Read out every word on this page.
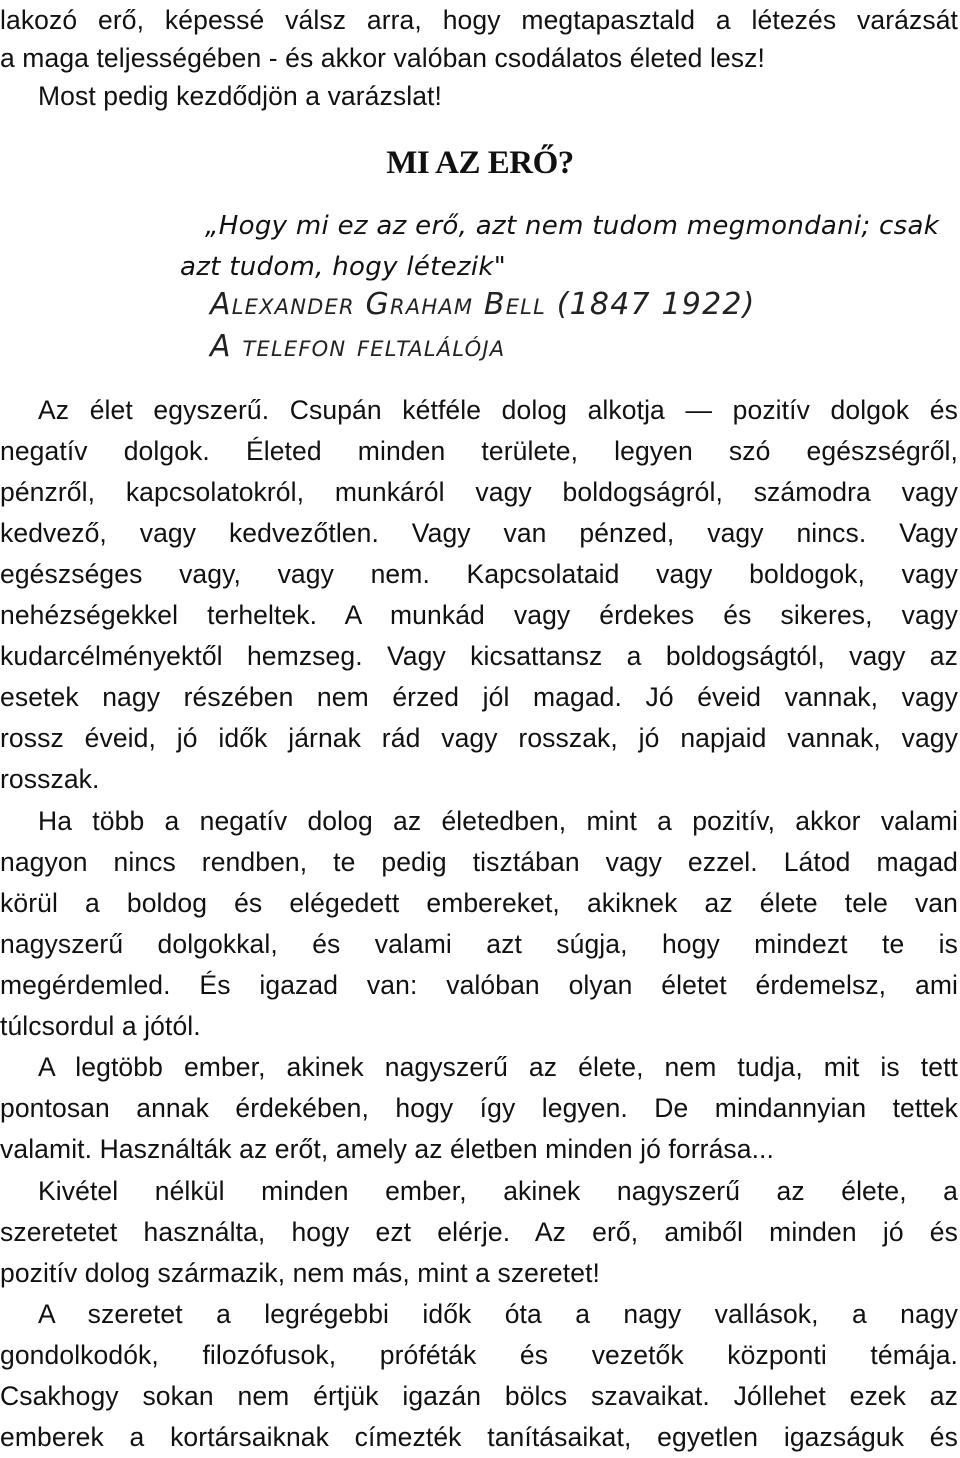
lakozó erő, képessé válsz arra, hogy megtapasztald a létezés varázsát
a maga teljességében - és akkor valóban csodálatos életed lesz!
Most pedig kezdődjön a varázslat!
MI AZ ERŐ?
„Hogy mi ez az erő, azt nem tudom megmondani; csak
azt tudom, hogy létezik"
Alexander Graham Bell (1847 1922)
A telefon feltalálója
Az élet egyszerű. Csupán kétféle dolog alkotja — pozitív dolgok és
negatív dolgok. Életed minden területe, legyen szó egészségről,
pénzről, kapcsolatokról, munkáról vagy boldogságról, számodra vagy
kedvező, vagy kedvezőtlen. Vagy van pénzed, vagy nincs. Vagy
egészséges vagy, vagy nem. Kapcsolataid vagy boldogok, vagy
nehézségekkel terheltek. A munkád vagy érdekes és sikeres, vagy
kudarcélményektől hemzseg. Vagy kicsattansz a boldogságtól, vagy az
esetek nagy részében nem érzed jól magad. Jó éveid vannak, vagy
rossz éveid, jó idők járnak rád vagy rosszak, jó napjaid vannak, vagy
rosszak.
Ha több a negatív dolog az életedben, mint a pozitív, akkor valami
nagyon nincs rendben, te pedig tisztában vagy ezzel. Látod magad
körül a boldog és elégedett embereket, akiknek az élete tele van
nagyszerű dolgokkal, és valami azt súgja, hogy mindezt te is
megérdemled. És igazad van: valóban olyan életet érdemelsz, ami
túlcsordul a jótól.
A legtöbb ember, akinek nagyszerű az élete, nem tudja, mit is tett
pontosan annak érdekében, hogy így legyen. De mindannyian tettek
valamit. Használták az erőt, amely az életben minden jó forrása...
Kivétel nélkül minden ember, akinek nagyszerű az élete, a
szeretetet használta, hogy ezt elérje. Az erő, amiből minden jó és
pozitív dolog származik, nem más, mint a szeretet!
A szeretet a legrégebbi idők óta a nagy vallások, a nagy
gondolkodók, filozófusok, próféták és vezetők központi témája.
Csakhogy sokan nem értjük igazán bölcs szavaikat. Jóllehet ezek az
emberek a kortársaiknak címezték tanításaikat, egyetlen igazságuk és
